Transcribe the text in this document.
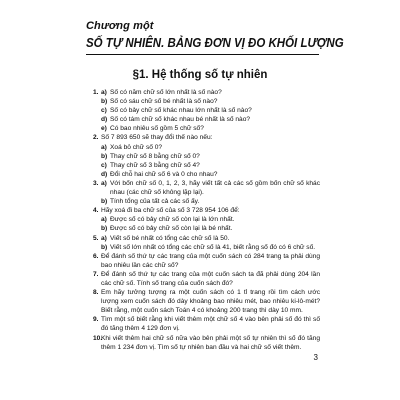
Chương một
SỐ TỰ NHIÊN. BẢNG ĐƠN VỊ ĐO KHỐI LƯỢNG
§1. Hệ thống số tự nhiên
1. a) Số có năm chữ số lớn nhất là số nào?
b) Số có sáu chữ số bé nhất là số nào?
c) Số có bảy chữ số khác nhau lớn nhất là số nào?
d) Số có tám chữ số khác nhau bé nhất là số nào?
e) Có bao nhiêu số gồm 5 chữ số?
2. Số 7 893 650 sẽ thay đổi thế nào nếu:
a) Xoá bỏ chữ số 0?
b) Thay chữ số 8 bằng chữ số 0?
c) Thay chữ số 3 bằng chữ số 4?
d) Đổi chỗ hai chữ số 6 và 0 cho nhau?
3. a) Với bốn chữ số 0, 1, 2, 3, hãy viết tất cả các số gồm bốn chữ số khác nhau (các chữ số không lặp lại).
b) Tính tổng của tất cả các số ấy.
4. Hãy xoá đi ba chữ số của số 3 728 954 106 để:
a) Được số có bảy chữ số còn lại là lớn nhất.
b) Được số có bảy chữ số còn lại là bé nhất.
5. a) Viết số bé nhất có tổng các chữ số là 50.
b) Viết số lớn nhất có tổng các chữ số là 41, biết rằng số đó có 6 chữ số.
6. Để đánh số thứ tự các trang của một cuốn sách có 284 trang ta phải dùng bao nhiêu lần các chữ số?
7. Để đánh số thứ tự các trang của một cuốn sách ta đã phải dùng 204 lần các chữ số. Tính số trang của cuốn sách đó?
8. Em hãy tưởng tượng ra một cuốn sách có 1 tỉ trang rồi tìm cách ước lượng xem cuốn sách đó dày khoảng bao nhiêu mét, bao nhiêu ki-lô-mét? Biết rằng, một cuốn sách Toán 4 có khoảng 200 trang thì dày 10 mm.
9. Tìm một số biết rằng khi viết thêm một chữ số 4 vào bên phải số đó thì số đó tăng thêm 4 129 đơn vị.
10.
Khi viết thêm hai chữ số nữa vào bên phải một số tự nhiên thì số đó tăng thêm 1 234 đơn vị. Tìm số tự nhiên ban đầu và hai chữ số viết thêm.
3
